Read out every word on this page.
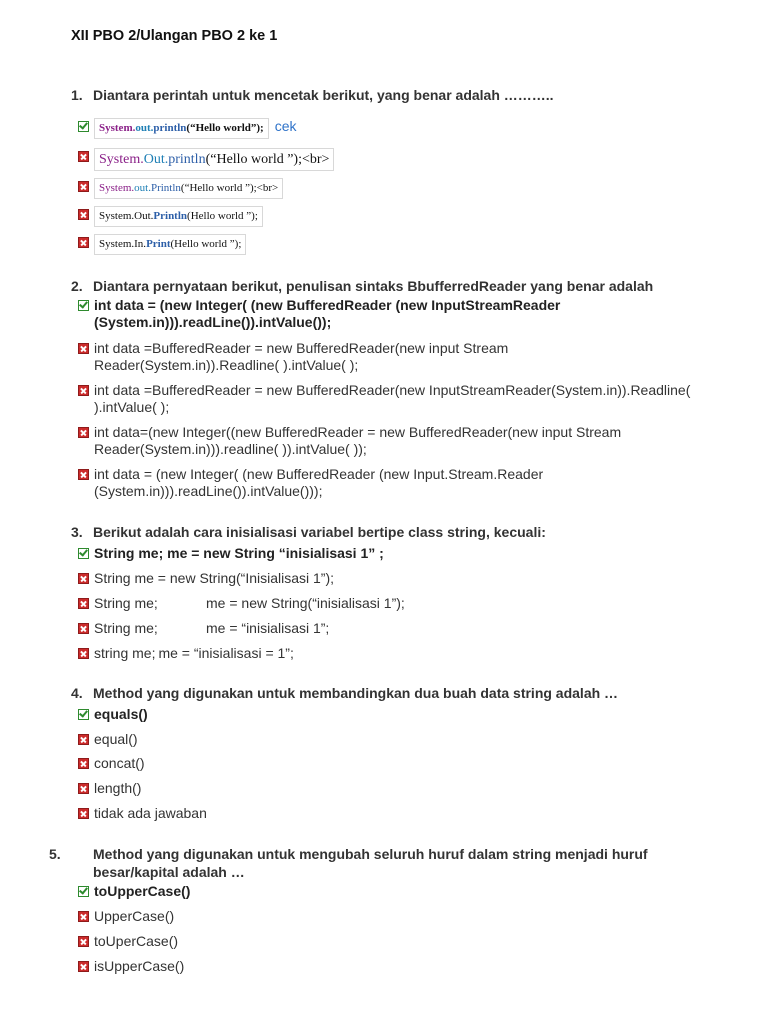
XII PBO 2/Ulangan PBO 2 ke 1
1. Diantara perintah untuk mencetak berikut, yang benar adalah ………..
System.out.println(“Hello world”); cek
System.Out.println(“Hello world ”);<br>
System.out.Println(“Hello world ”);<br>
System.Out.Println(Hello world ”);
System.In.Print(Hello world ”);
2. Diantara pernyataan berikut, penulisan sintaks BbufferredReader yang benar adalah
int data = (new Integer( (new BufferedReader (new InputStreamReader
(System.in))).readLine()).intValue());
int data =BufferedReader = new BufferedReader(new input Stream
Reader(System.in)).Readline( ).intValue( );
int data =BufferedReader = new BufferedReader(new InputStreamReader(System.in)).Readline(
).intValue( );
int data=(new Integer((new BufferedReader = new BufferedReader(new input Stream
Reader(System.in))).readline( )).intValue( ));
int data = (new Integer( (new BufferedReader (new Input.Stream.Reader
(System.in))).readLine()).intValue()));
3. Berikut adalah cara inisialisasi variabel bertipe class string, kecuali:
String me; me = new String “inisialisasi 1” ;
String me = new String(“Inisialisasi 1”);
String me;	me = new String(“inisialisasi 1”);
String me;	me = “inisialisasi 1”;
string me; me = “inisialisasi = 1”;
4. Method yang digunakan untuk membandingkan dua buah data string adalah …
equals()
equal()
concat()
length()
tidak ada jawaban
5. Method yang digunakan untuk mengubah seluruh huruf dalam string menjadi huruf besar/kapital adalah …
toUpperCase()
UpperCase()
toUperCase()
isUpperCase()
